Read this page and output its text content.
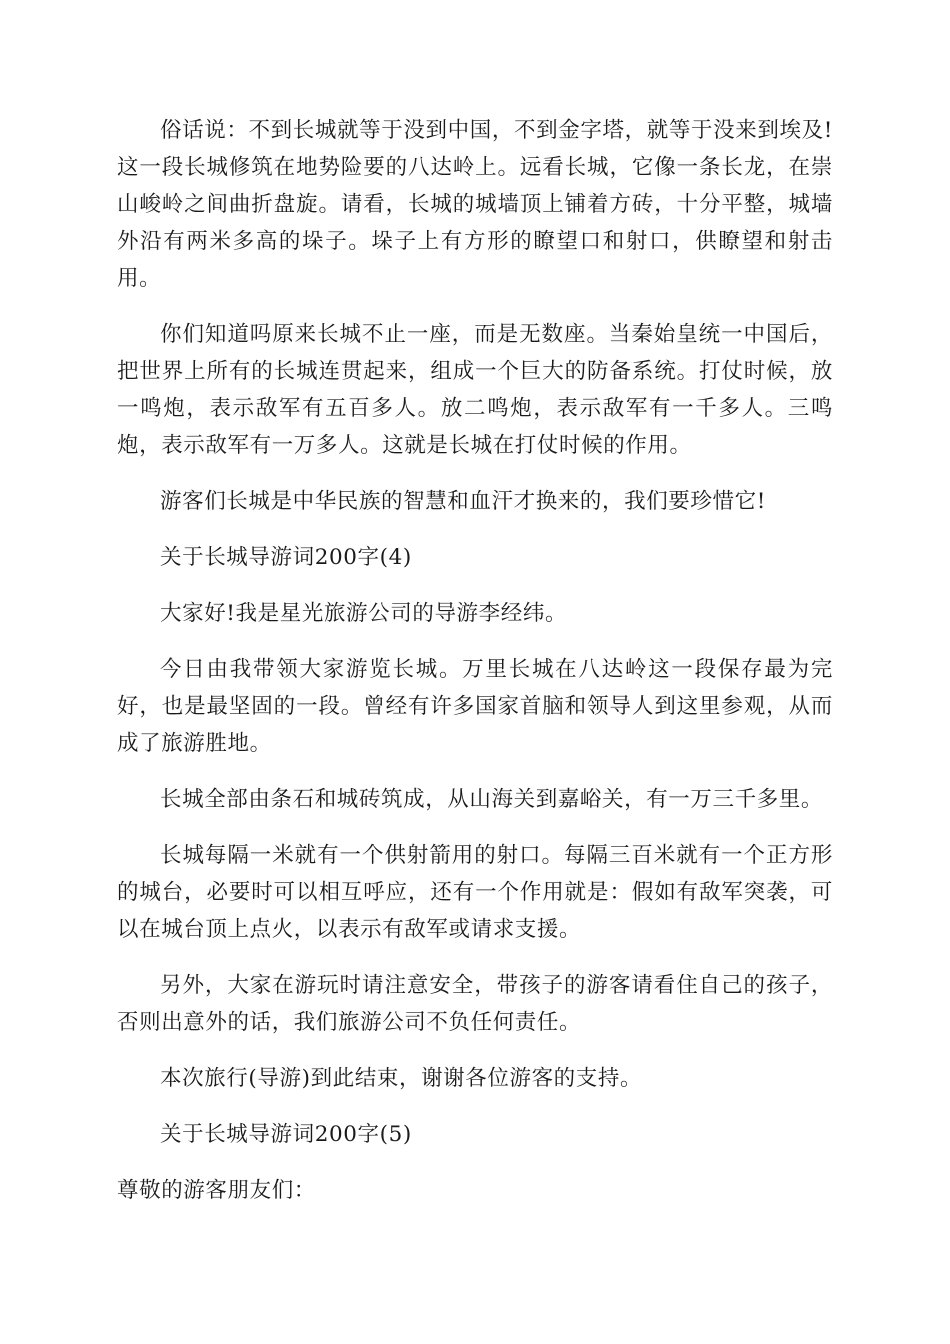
俗话说：不到长城就等于没到中国，不到金字塔，就等于没来到埃及!这一段长城修筑在地势险要的八达岭上。远看长城，它像一条长龙，在崇山峻岭之间曲折盘旋。请看，长城的城墙顶上铺着方砖，十分平整，城墙外沿有两米多高的垛子。垛子上有方形的瞭望口和射口，供瞭望和射击用。

你们知道吗原来长城不止一座，而是无数座。当秦始皇统一中国后，把世界上所有的长城连贯起来，组成一个巨大的防备系统。打仗时候，放一鸣炮，表示敌军有五百多人。放二鸣炮，表示敌军有一千多人。三鸣炮，表示敌军有一万多人。这就是长城在打仗时候的作用。

游客们长城是中华民族的智慧和血汗才换来的，我们要珍惜它!

关于长城导游词200字(4)

大家好!我是星光旅游公司的导游李经纬。

今日由我带领大家游览长城。万里长城在八达岭这一段保存最为完好，也是最坚固的一段。曾经有许多国家首脑和领导人到这里参观，从而成了旅游胜地。

长城全部由条石和城砖筑成，从山海关到嘉峪关，有一万三千多里。

长城每隔一米就有一个供射箭用的射口。每隔三百米就有一个正方形的城台，必要时可以相互呼应，还有一个作用就是：假如有敌军突袭，可以在城台顶上点火，以表示有敌军或请求支援。

另外，大家在游玩时请注意安全，带孩子的游客请看住自己的孩子，否则出意外的话，我们旅游公司不负任何责任。

本次旅行(导游)到此结束，谢谢各位游客的支持。

关于长城导游词200字(5)

尊敬的游客朋友们：
